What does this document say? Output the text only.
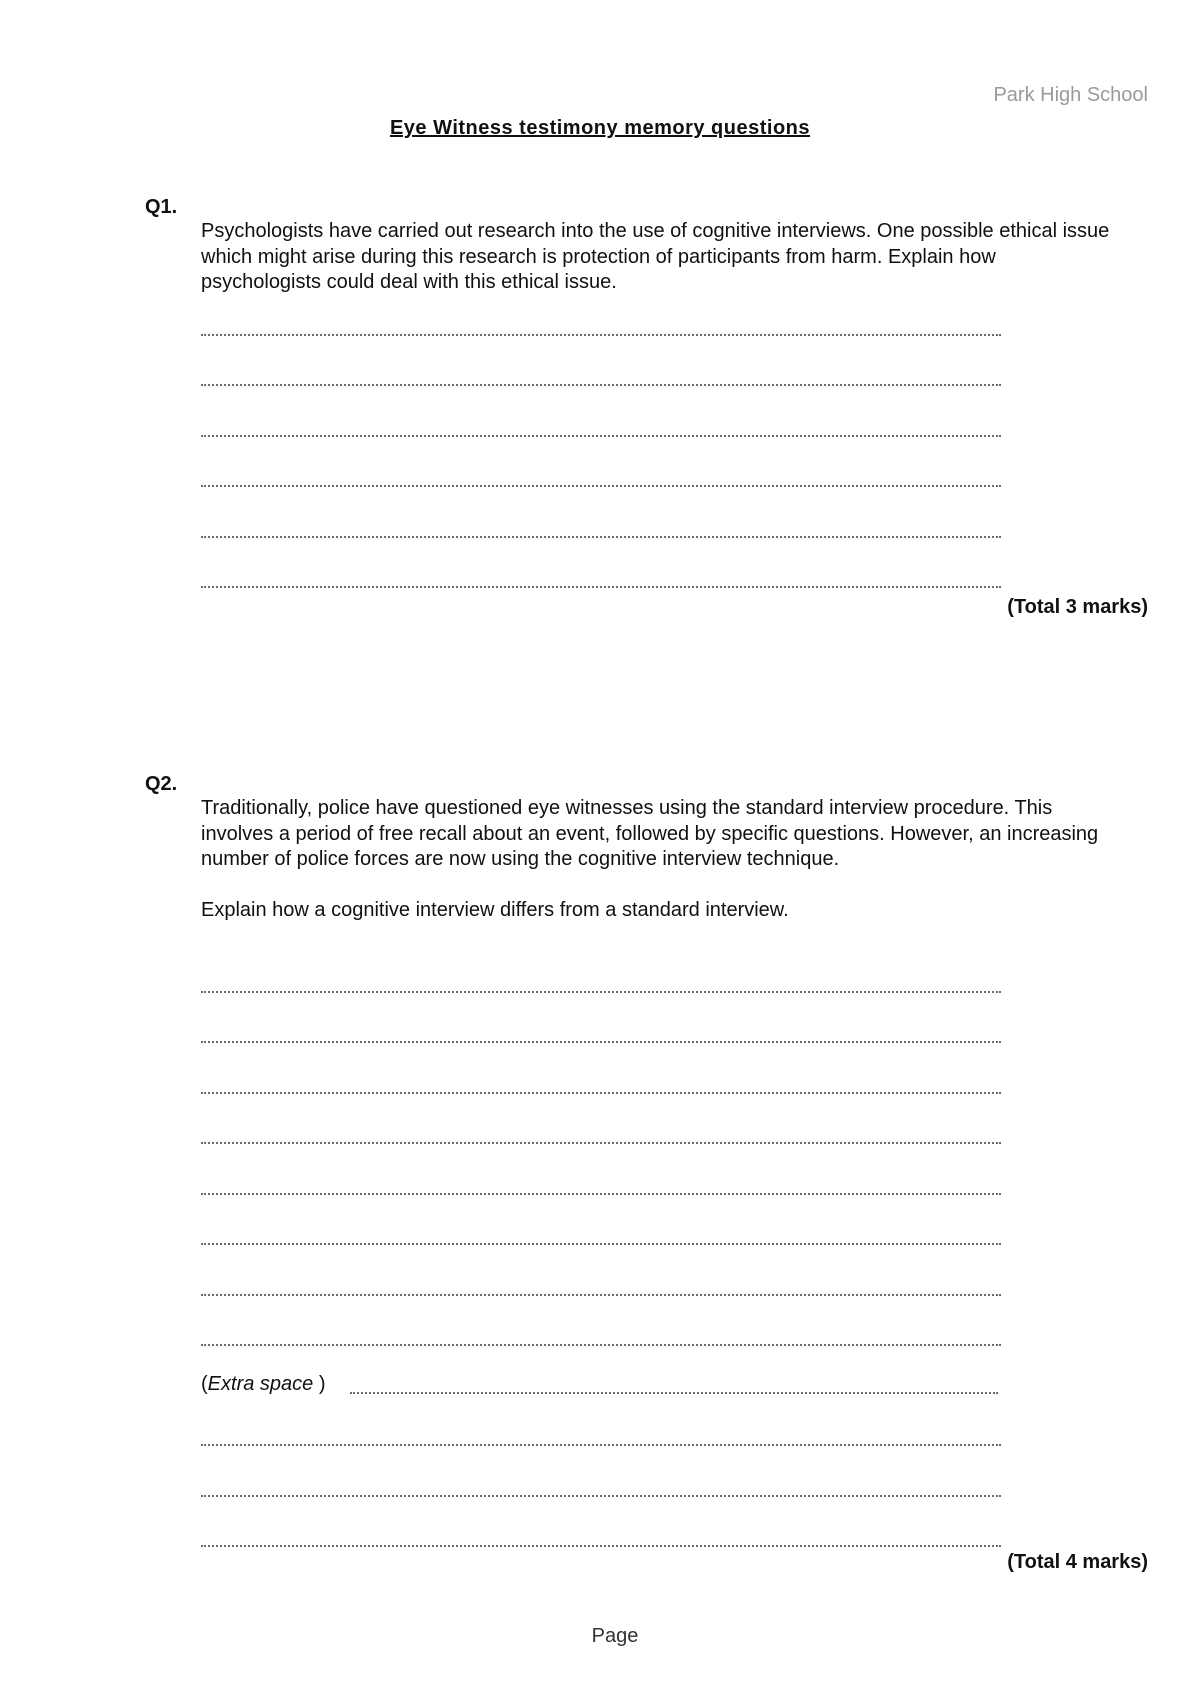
Park High School
Eye Witness testimony memory questions
Q1.

Psychologists have carried out research into the use of cognitive interviews. One possible ethical issue which might arise during this research is protection of participants from harm. Explain how psychologists could deal with this ethical issue.

(Total 3 marks)
Q2.

Traditionally, police have questioned eye witnesses using the standard interview procedure. This involves a period of free recall about an event, followed by specific questions. However, an increasing number of police forces are now using the cognitive interview technique.

Explain how a cognitive interview differs from a standard interview.

(Extra space )
(Total 4 marks)
Page
